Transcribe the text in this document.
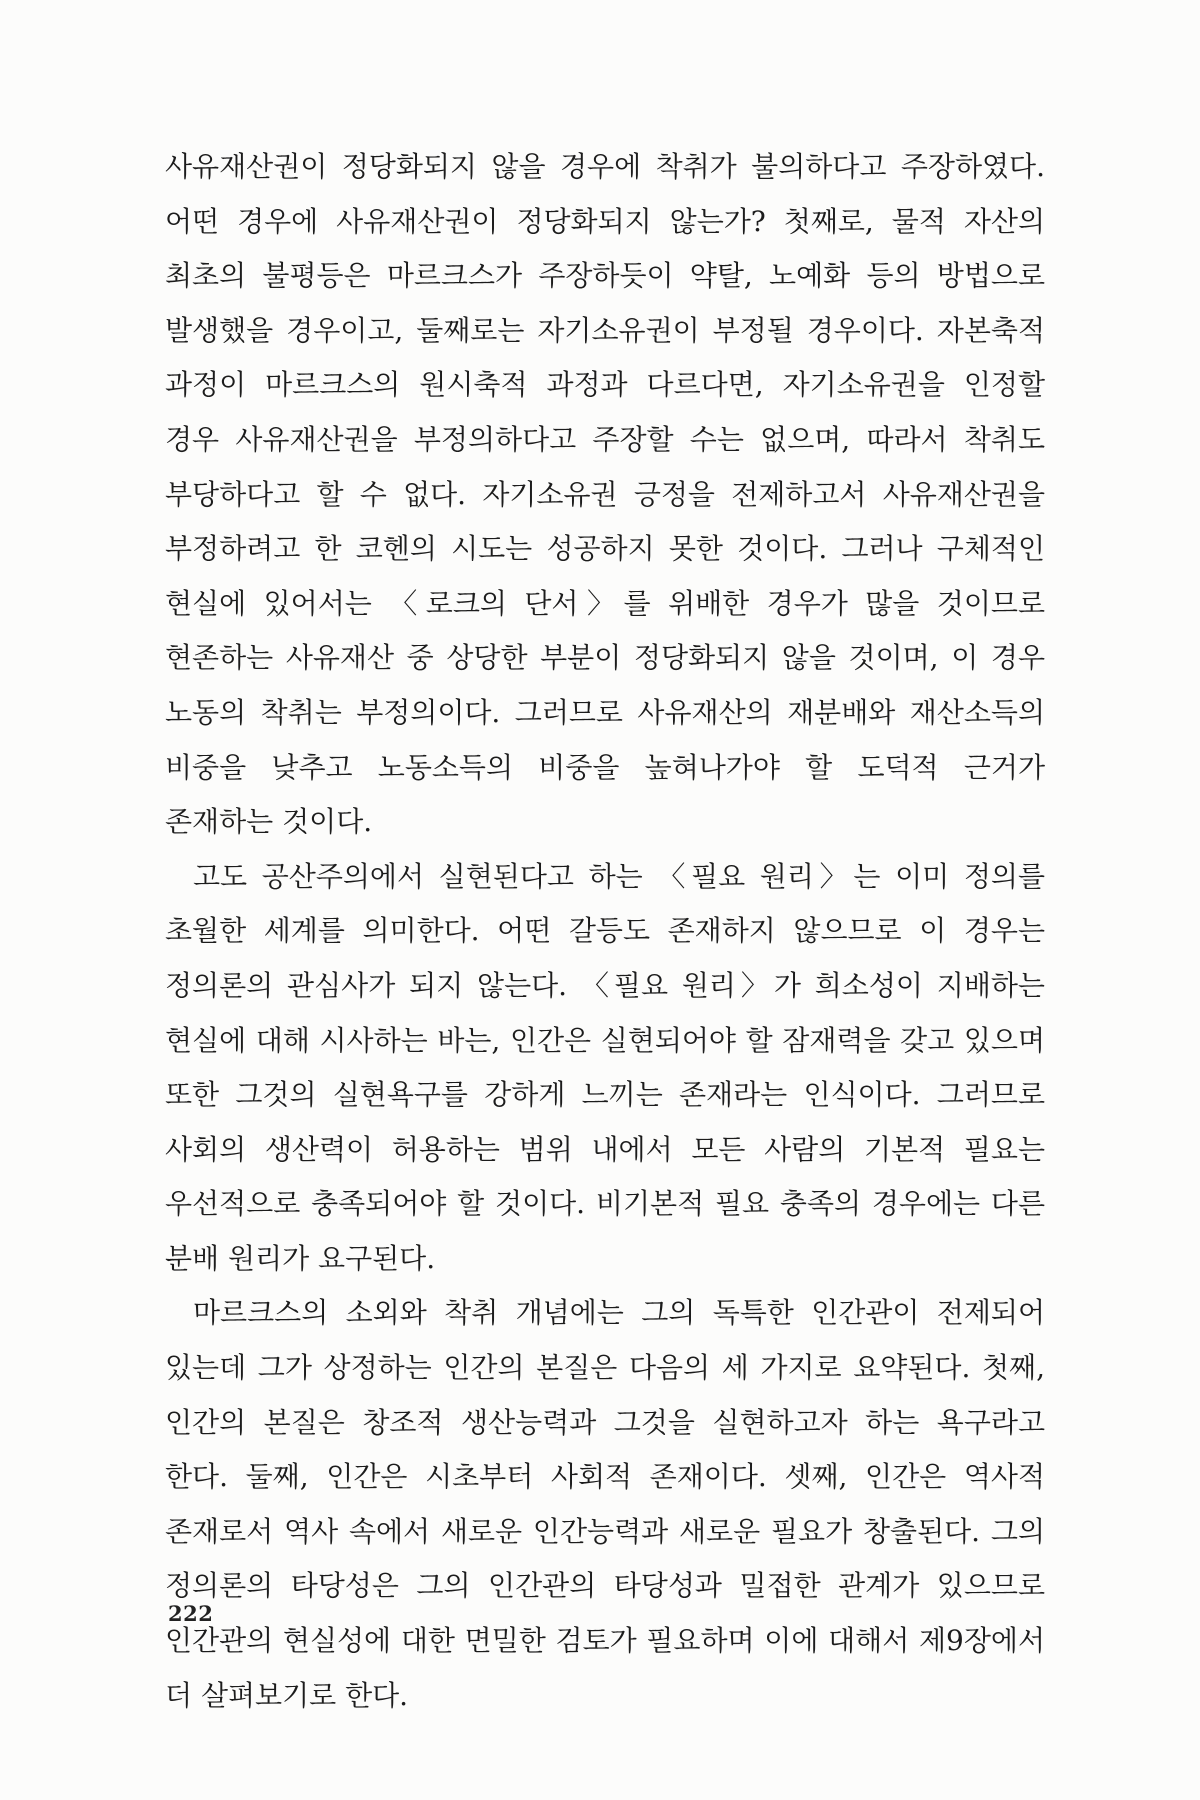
사유재산권이 정당화되지 않을 경우에 착취가 불의하다고 주장하였다. 어떤 경우에 사유재산권이 정당화되지 않는가? 첫째로, 물적 자산의 최초의 불평등은 마르크스가 주장하듯이 약탈, 노예화 등의 방법으로 발생했을 경우이고, 둘째로는 자기소유권이 부정될 경우이다. 자본축적 과정이 마르크스의 원시축적 과정과 다르다면, 자기소유권을 인정할 경우 사유재산권을 부정의하다고 주장할 수는 없으며, 따라서 착취도 부당하다고 할 수 없다. 자기소유권 긍정을 전제하고서 사유재산권을 부정하려고 한 코헨의 시도는 성공하지 못한 것이다. 그러나 구체적인 현실에 있어서는 〈로크의 단서〉를 위배한 경우가 많을 것이므로 현존하는 사유재산 중 상당한 부분이 정당화되지 않을 것이며, 이 경우 노동의 착취는 부정의이다. 그러므로 사유재산의 재분배와 재산소득의 비중을 낮추고 노동소득의 비중을 높혀나가야 할 도덕적 근거가 존재하는 것이다.

고도 공산주의에서 실현된다고 하는 〈필요 원리〉는 이미 정의를 초월한 세계를 의미한다. 어떤 갈등도 존재하지 않으므로 이 경우는 정의론의 관심사가 되지 않는다. 〈필요 원리〉가 희소성이 지배하는 현실에 대해 시사하는 바는, 인간은 실현되어야 할 잠재력을 갖고 있으며 또한 그것의 실현욕구를 강하게 느끼는 존재라는 인식이다. 그러므로 사회의 생산력이 허용하는 범위 내에서 모든 사람의 기본적 필요는 우선적으로 충족되어야 할 것이다. 비기본적 필요 충족의 경우에는 다른 분배 원리가 요구된다.

마르크스의 소외와 착취 개념에는 그의 독특한 인간관이 전제되어 있는데 그가 상정하는 인간의 본질은 다음의 세 가지로 요약된다. 첫째, 인간의 본질은 창조적 생산능력과 그것을 실현하고자 하는 욕구라고 한다. 둘째, 인간은 시초부터 사회적 존재이다. 셋째, 인간은 역사적 존재로서 역사 속에서 새로운 인간능력과 새로운 필요가 창출된다. 그의 정의론의 타당성은 그의 인간관의 타당성과 밀접한 관계가 있으므로 인간관의 현실성에 대한 면밀한 검토가 필요하며 이에 대해서 제9장에서 더 살펴보기로 한다.

222
